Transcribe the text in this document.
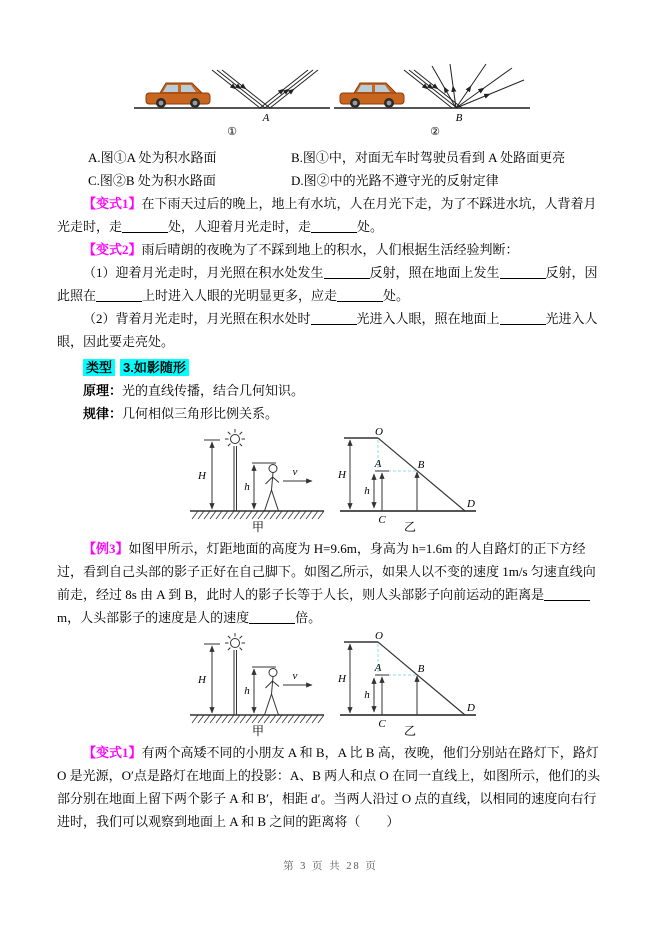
A
①
B
②
A.图①A 处为积水路面	B.图①中，对面无车时驾驶员看到 A 处路面更亮
C.图②B 处为积水路面	D.图②中的光路不遵守光的反射定律

【变式1】在下雨天过后的晚上，地上有水坑，人在月光下走，为了不踩进水坑，人背着月光走时，走	处，人迎着月光走时，走	处。

【变式2】雨后晴朗的夜晚为了不踩到地上的积水，人们根据生活经验判断：

（1）迎着月光走时，月光照在积水处发生	反射，照在地面上发生	反射，因此照在	上时进入人眼的光明显更多，应走	处。

（2）背着月光走时，月光照在积水处时	光进入人眼，照在地面上	光进入人眼，因此要走亮处。

类型 3.如影随形

原理：光的直线传播，结合几何知识。

规律：几何相似三角形比例关系。

H
h
v
甲
O
A	B
H
h
C
D
乙

【例3】如图甲所示，灯距地面的高度为 H=9.6m，身高为 h=1.6m 的人自路灯的正下方经过，看到自己头部的影子正好在自己脚下。如图乙所示，如果人以不变的速度 1m/s 匀速直线向前走，经过 8s 由 A 到 B，此时人的影子长等于人长，则人头部影子向前运动的距离是m，人头部影子的速度是人的速度	倍。

H
h
v
甲
O
A	B
H
h
C
D
乙

【变式1】有两个高矮不同的小朋友 A 和 B，A 比 B 高，夜晚，他们分别站在路灯下，路灯 O 是光源，O′点是路灯在地面上的投影：A、B 两人和点 O 在同一直线上，如图所示，他们的头部分别在地面上留下两个影子 A 和 B′，相距 d′。当两人沿过 O 点的直线，以相同的速度向右行进时，我们可以观察到地面上 A 和 B 之间的距离将（　　）

第 3 页 共 28 页
